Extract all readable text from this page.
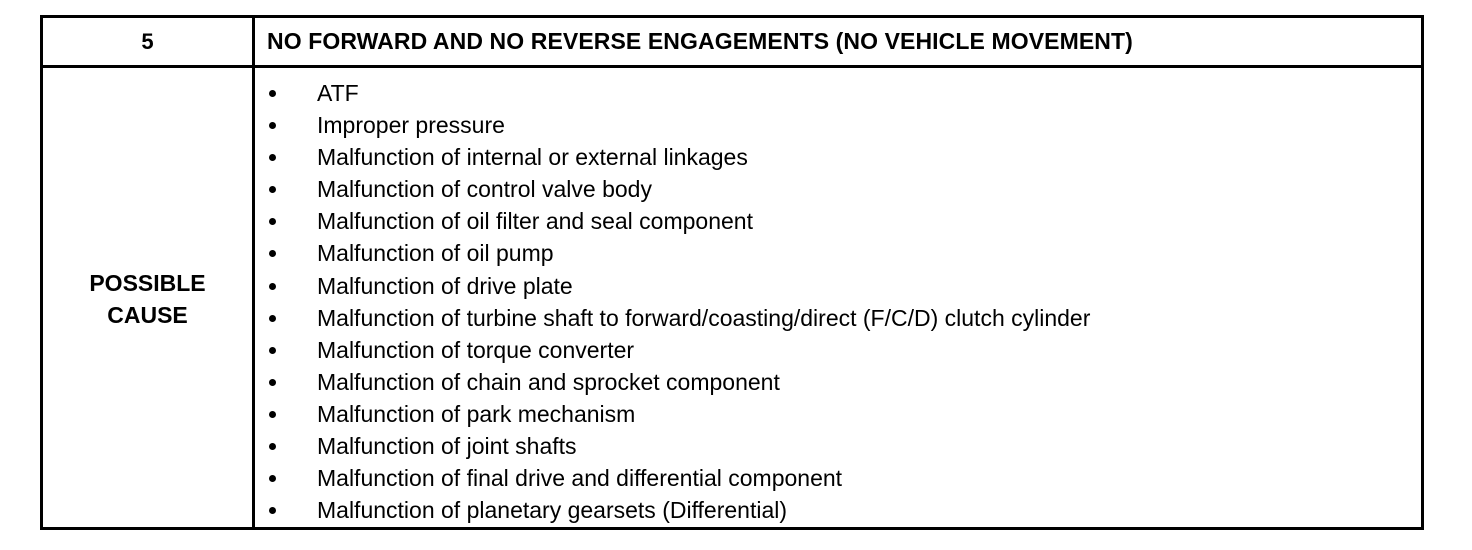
5	NO FORWARD AND NO REVERSE ENGAGEMENTS (NO VEHICLE MOVEMENT)
POSSIBLE
CAUSE
ATF
Improper pressure
Malfunction of internal or external linkages
Malfunction of control valve body
Malfunction of oil filter and seal component
Malfunction of oil pump
Malfunction of drive plate
Malfunction of turbine shaft to forward/coasting/direct (F/C/D) clutch cylinder
Malfunction of torque converter
Malfunction of chain and sprocket component
Malfunction of park mechanism
Malfunction of joint shafts
Malfunction of final drive and differential component
Malfunction of planetary gearsets (Differential)
